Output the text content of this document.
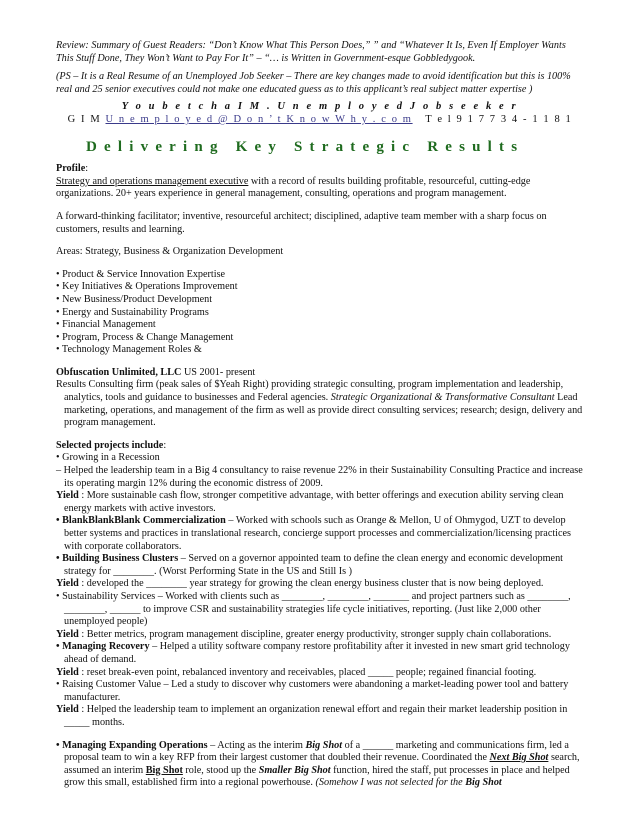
Review: Summary of Guest Readers: “Don’t Know What This Person Does,” ” and “Whatever It Is, Even If Employer Wants This Stuff Done, They Won’t Want to Pay For It” – “… is Written in Government-esque Gobbledygook.

(PS – It is a Real Resume of an Unemployed Job Seeker – There are key changes made to avoid identification but this is 100% real and 25 senior executives could not make one educated guess as to this applicant’s real subject matter expertise )

Y o u b e t c h a I M . U n e m p l o y e d J o b s e e k e r
G I M U n e m p l o y e d @ D o n ’ t K n o w W h y . c o m T e l 9 1 7 7 3 4 - 1 1 8 1
Delivering Key Strategic Results

Profile:

Strategy and operations management executive with a record of results building profitable, resourceful, cutting-edge organizations. 20+ years experience in general management, consulting, operations and program management.

A forward-thinking facilitator; inventive, resourceful architect; disciplined, adaptive team member with a sharp focus on customers, results and learning.

Areas: Strategy, Business & Organization Development

• Product & Service Innovation Expertise
• Key Initiatives & Operations Improvement
• New Business/Product Development
• Energy and Sustainability Programs
• Financial Management
• Program, Process & Change Management
• Technology Management Roles &

Obfuscation Unlimited, LLC US 2001- present

Results Consulting firm (peak sales of $Yeah Right) providing strategic consulting, program implementation and leadership, analytics, tools and guidance to businesses and Federal agencies. Strategic Organizational & Transformative Consultant Lead marketing, operations, and management of the firm as well as provide direct consulting services; research; design, delivery and program management.

Selected projects include:

• Growing in a Recession
– Helped the leadership team in a Big 4 consultancy to raise revenue 22% in their Sustainability Consulting Practice and increase its operating margin 12% during the economic distress of 2009.
Yield : More sustainable cash flow, stronger competitive advantage, with better offerings and execution ability serving clean energy markets with active investors.
• BlankBlankBlank Commercialization – Worked with schools such as Orange & Mellon, U of Ohmygod, UZT to develop better systems and practices in translational research, concierge support processes and commercialization/licensing practices with corporate collaborators.
• Building Business Clusters – Served on a governor appointed team to define the clean energy and economic development strategy for ________. (Worst Performing State in the US and Still Is )
Yield : developed the ________ year strategy for growing the clean energy business cluster that is now being deployed.
• Sustainability Services – Worked with clients such as ________, ________, _______ and project partners such as ________, ________, ______ to improve CSR and sustainability strategies life cycle initiatives, reporting. (Just like 2,000 other unemployed people)
Yield : Better metrics, program management discipline, greater energy productivity, stronger supply chain collaborations.
• Managing Recovery – Helped a utility software company restore profitability after it invested in new smart grid technology ahead of demand.
Yield : reset break-even point, rebalanced inventory and receivables, placed _____ people; regained financial footing.
• Raising Customer Value – Led a study to discover why customers were abandoning a market-leading power tool and battery manufacturer.
Yield : Helped the leadership team to implement an organization renewal effort and regain their market leadership position in _____ months.
• Managing Expanding Operations – Acting as the interim Big Shot of a ______ marketing and communications firm, led a proposal team to win a key RFP from their largest customer that doubled their revenue. Coordinated the Next Big Shot search, assumed an interim Big Shot role, stood up the Smaller Big Shot function, hired the staff, put processes in place and helped grow this small, established firm into a regional powerhouse. (Somehow I was not selected for the Big Shot
